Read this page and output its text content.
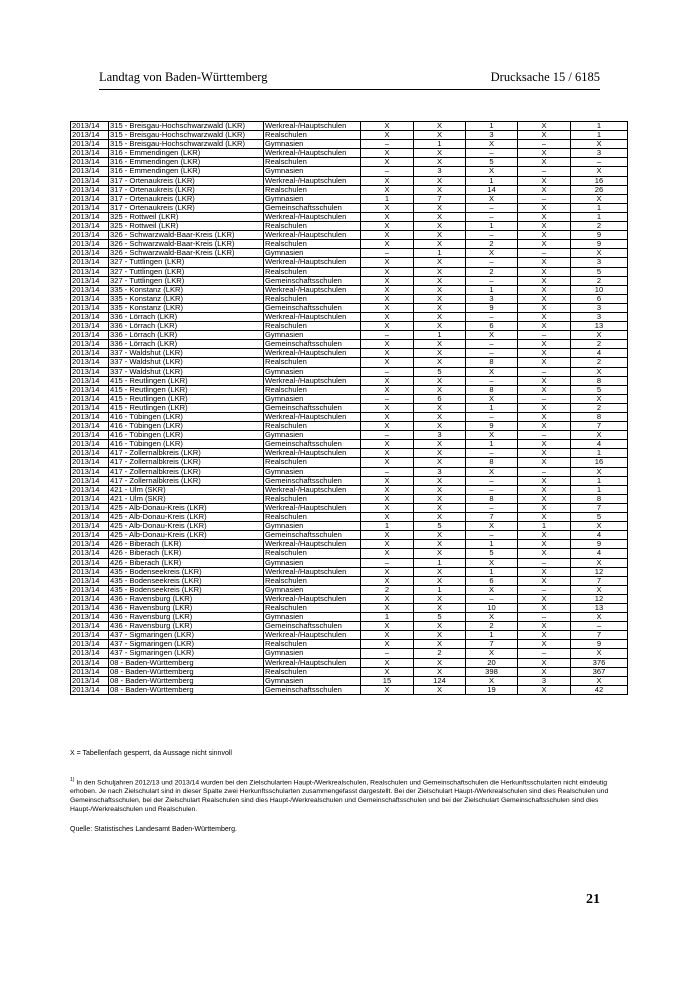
Landtag von Baden-Württemberg	Drucksache 15 / 6185
2013/14	315 - Breisgau-Hochschwarzwald (LKR)	Werkreal-/Hauptschulen	X	X	1	X	1
2013/14	315 - Breisgau-Hochschwarzwald (LKR)	Realschulen	X	X	3	X	1
2013/14	315 - Breisgau-Hochschwarzwald (LKR)	Gymnasien	–	1	X	–	X
2013/14	316 - Emmendingen (LKR)	Werkreal-/Hauptschulen	X	X	–	X	3
2013/14	316 - Emmendingen (LKR)	Realschulen	X	X	5	X	–
2013/14	316 - Emmendingen (LKR)	Gymnasien	–	3	X	–	X
2013/14	317 - Ortenaukreis (LKR)	Werkreal-/Hauptschulen	X	X	1	X	16
2013/14	317 - Ortenaukreis (LKR)	Realschulen	X	X	14	X	26
2013/14	317 - Ortenaukreis (LKR)	Gymnasien	1	7	X	–	X
2013/14	317 - Ortenaukreis (LKR)	Gemeinschaftsschulen	X	X	–	X	1
2013/14	325 - Rottweil (LKR)	Werkreal-/Hauptschulen	X	X	–	X	1
2013/14	325 - Rottweil (LKR)	Realschulen	X	X	1	X	2
2013/14	326 - Schwarzwald-Baar-Kreis (LKR)	Werkreal-/Hauptschulen	X	X	–	X	9
2013/14	326 - Schwarzwald-Baar-Kreis (LKR)	Realschulen	X	X	2	X	9
2013/14	326 - Schwarzwald-Baar-Kreis (LKR)	Gymnasien	–	1	X	–	X
2013/14	327 - Tuttlingen (LKR)	Werkreal-/Hauptschulen	X	X	–	X	3
2013/14	327 - Tuttlingen (LKR)	Realschulen	X	X	2	X	5
2013/14	327 - Tuttlingen (LKR)	Gemeinschaftsschulen	X	X	–	X	2
2013/14	335 - Konstanz (LKR)	Werkreal-/Hauptschulen	X	X	1	X	10
2013/14	335 - Konstanz (LKR)	Realschulen	X	X	3	X	6
2013/14	335 - Konstanz (LKR)	Gemeinschaftsschulen	X	X	9	X	3
2013/14	336 - Lörrach (LKR)	Werkreal-/Hauptschulen	X	X	–	X	3
2013/14	336 - Lörrach (LKR)	Realschulen	X	X	6	X	13
2013/14	336 - Lörrach (LKR)	Gymnasien	–	1	X	–	X
2013/14	336 - Lörrach (LKR)	Gemeinschaftsschulen	X	X	–	X	2
2013/14	337 - Waldshut (LKR)	Werkreal-/Hauptschulen	X	X	–	X	4
2013/14	337 - Waldshut (LKR)	Realschulen	X	X	8	X	2
2013/14	337 - Waldshut (LKR)	Gymnasien	–	5	X	–	X
2013/14	415 - Reutlingen (LKR)	Werkreal-/Hauptschulen	X	X	–	X	8
2013/14	415 - Reutlingen (LKR)	Realschulen	X	X	8	X	5
2013/14	415 - Reutlingen (LKR)	Gymnasien	–	6	X	–	X
2013/14	415 - Reutlingen (LKR)	Gemeinschaftsschulen	X	X	1	X	2
2013/14	416 - Tübingen (LKR)	Werkreal-/Hauptschulen	X	X	–	X	8
2013/14	416 - Tübingen (LKR)	Realschulen	X	X	9	X	7
2013/14	416 - Tübingen (LKR)	Gymnasien	–	3	X	–	X
2013/14	416 - Tübingen (LKR)	Gemeinschaftsschulen	X	X	1	X	4
2013/14	417 - Zollernalbkreis (LKR)	Werkreal-/Hauptschulen	X	X	–	X	1
2013/14	417 - Zollernalbkreis (LKR)	Realschulen	X	X	8	X	16
2013/14	417 - Zollernalbkreis (LKR)	Gymnasien	–	3	X	–	X
2013/14	417 - Zollernalbkreis (LKR)	Gemeinschaftsschulen	X	X	–	X	1
2013/14	421 - Ulm (SKR)	Werkreal-/Hauptschulen	X	X	–	X	1
2013/14	421 - Ulm (SKR)	Realschulen	X	X	8	X	8
2013/14	425 - Alb-Donau-Kreis (LKR)	Werkreal-/Hauptschulen	X	X	–	X	7
2013/14	425 - Alb-Donau-Kreis (LKR)	Realschulen	X	X	7	X	5
2013/14	425 - Alb-Donau-Kreis (LKR)	Gymnasien	1	5	X	1	X
2013/14	425 - Alb-Donau-Kreis (LKR)	Gemeinschaftsschulen	X	X	–	X	4
2013/14	426 - Biberach (LKR)	Werkreal-/Hauptschulen	X	X	1	X	9
2013/14	426 - Biberach (LKR)	Realschulen	X	X	5	X	4
2013/14	426 - Biberach (LKR)	Gymnasien	–	1	X	–	X
2013/14	435 - Bodenseekreis (LKR)	Werkreal-/Hauptschulen	X	X	1	X	12
2013/14	435 - Bodenseekreis (LKR)	Realschulen	X	X	6	X	7
2013/14	435 - Bodenseekreis (LKR)	Gymnasien	2	1	X	–	X
2013/14	436 - Ravensburg (LKR)	Werkreal-/Hauptschulen	X	X	–	X	12
2013/14	436 - Ravensburg (LKR)	Realschulen	X	X	10	X	13
2013/14	436 - Ravensburg (LKR)	Gymnasien	1	5	X	–	X
2013/14	436 - Ravensburg (LKR)	Gemeinschaftsschulen	X	X	2	X	–
2013/14	437 - Sigmaringen (LKR)	Werkreal-/Hauptschulen	X	X	1	X	7
2013/14	437 - Sigmaringen (LKR)	Realschulen	X	X	7	X	9
2013/14	437 - Sigmaringen (LKR)	Gymnasien	–	2	X	–	X
2013/14	08 - Baden-Württemberg	Werkreal-/Hauptschulen	X	X	20	X	376
2013/14	08 - Baden-Württemberg	Realschulen	X	X	398	X	367
2013/14	08 - Baden-Württemberg	Gymnasien	15	124	X	3	X
2013/14	08 - Baden-Württemberg	Gemeinschaftsschulen	X	X	19	X	42
X = Tabellenfach gesperrt, da Aussage nicht sinnvoll
$^{1)}$ In den Schuljahren 2012/13 und 2013/14 wurden bei den Zielschularten Haupt-/Werkrealschulen, Realschulen und Gemeinschaftschulen die Herkunftsschularten nicht eindeutig erhoben. Je nach Zielschulart sind in dieser Spalte zwei Herkunftsschularten zusammengefasst dargestellt. Bei der Zielschulart Haupt-/Werkrealschulen sind dies Realschulen und Gemeinschaftsschulen, bei der Zielschulart Realschulen sind dies Haupt-/Werkrealschulen und Gemeinschaftsschulen und bei der Zielschulart Gemeinschaftsschulen sind dies Haupt-/Werkrealschulen und Realschulen.
Quelle: Statistisches Landesamt Baden-Württemberg.
21
